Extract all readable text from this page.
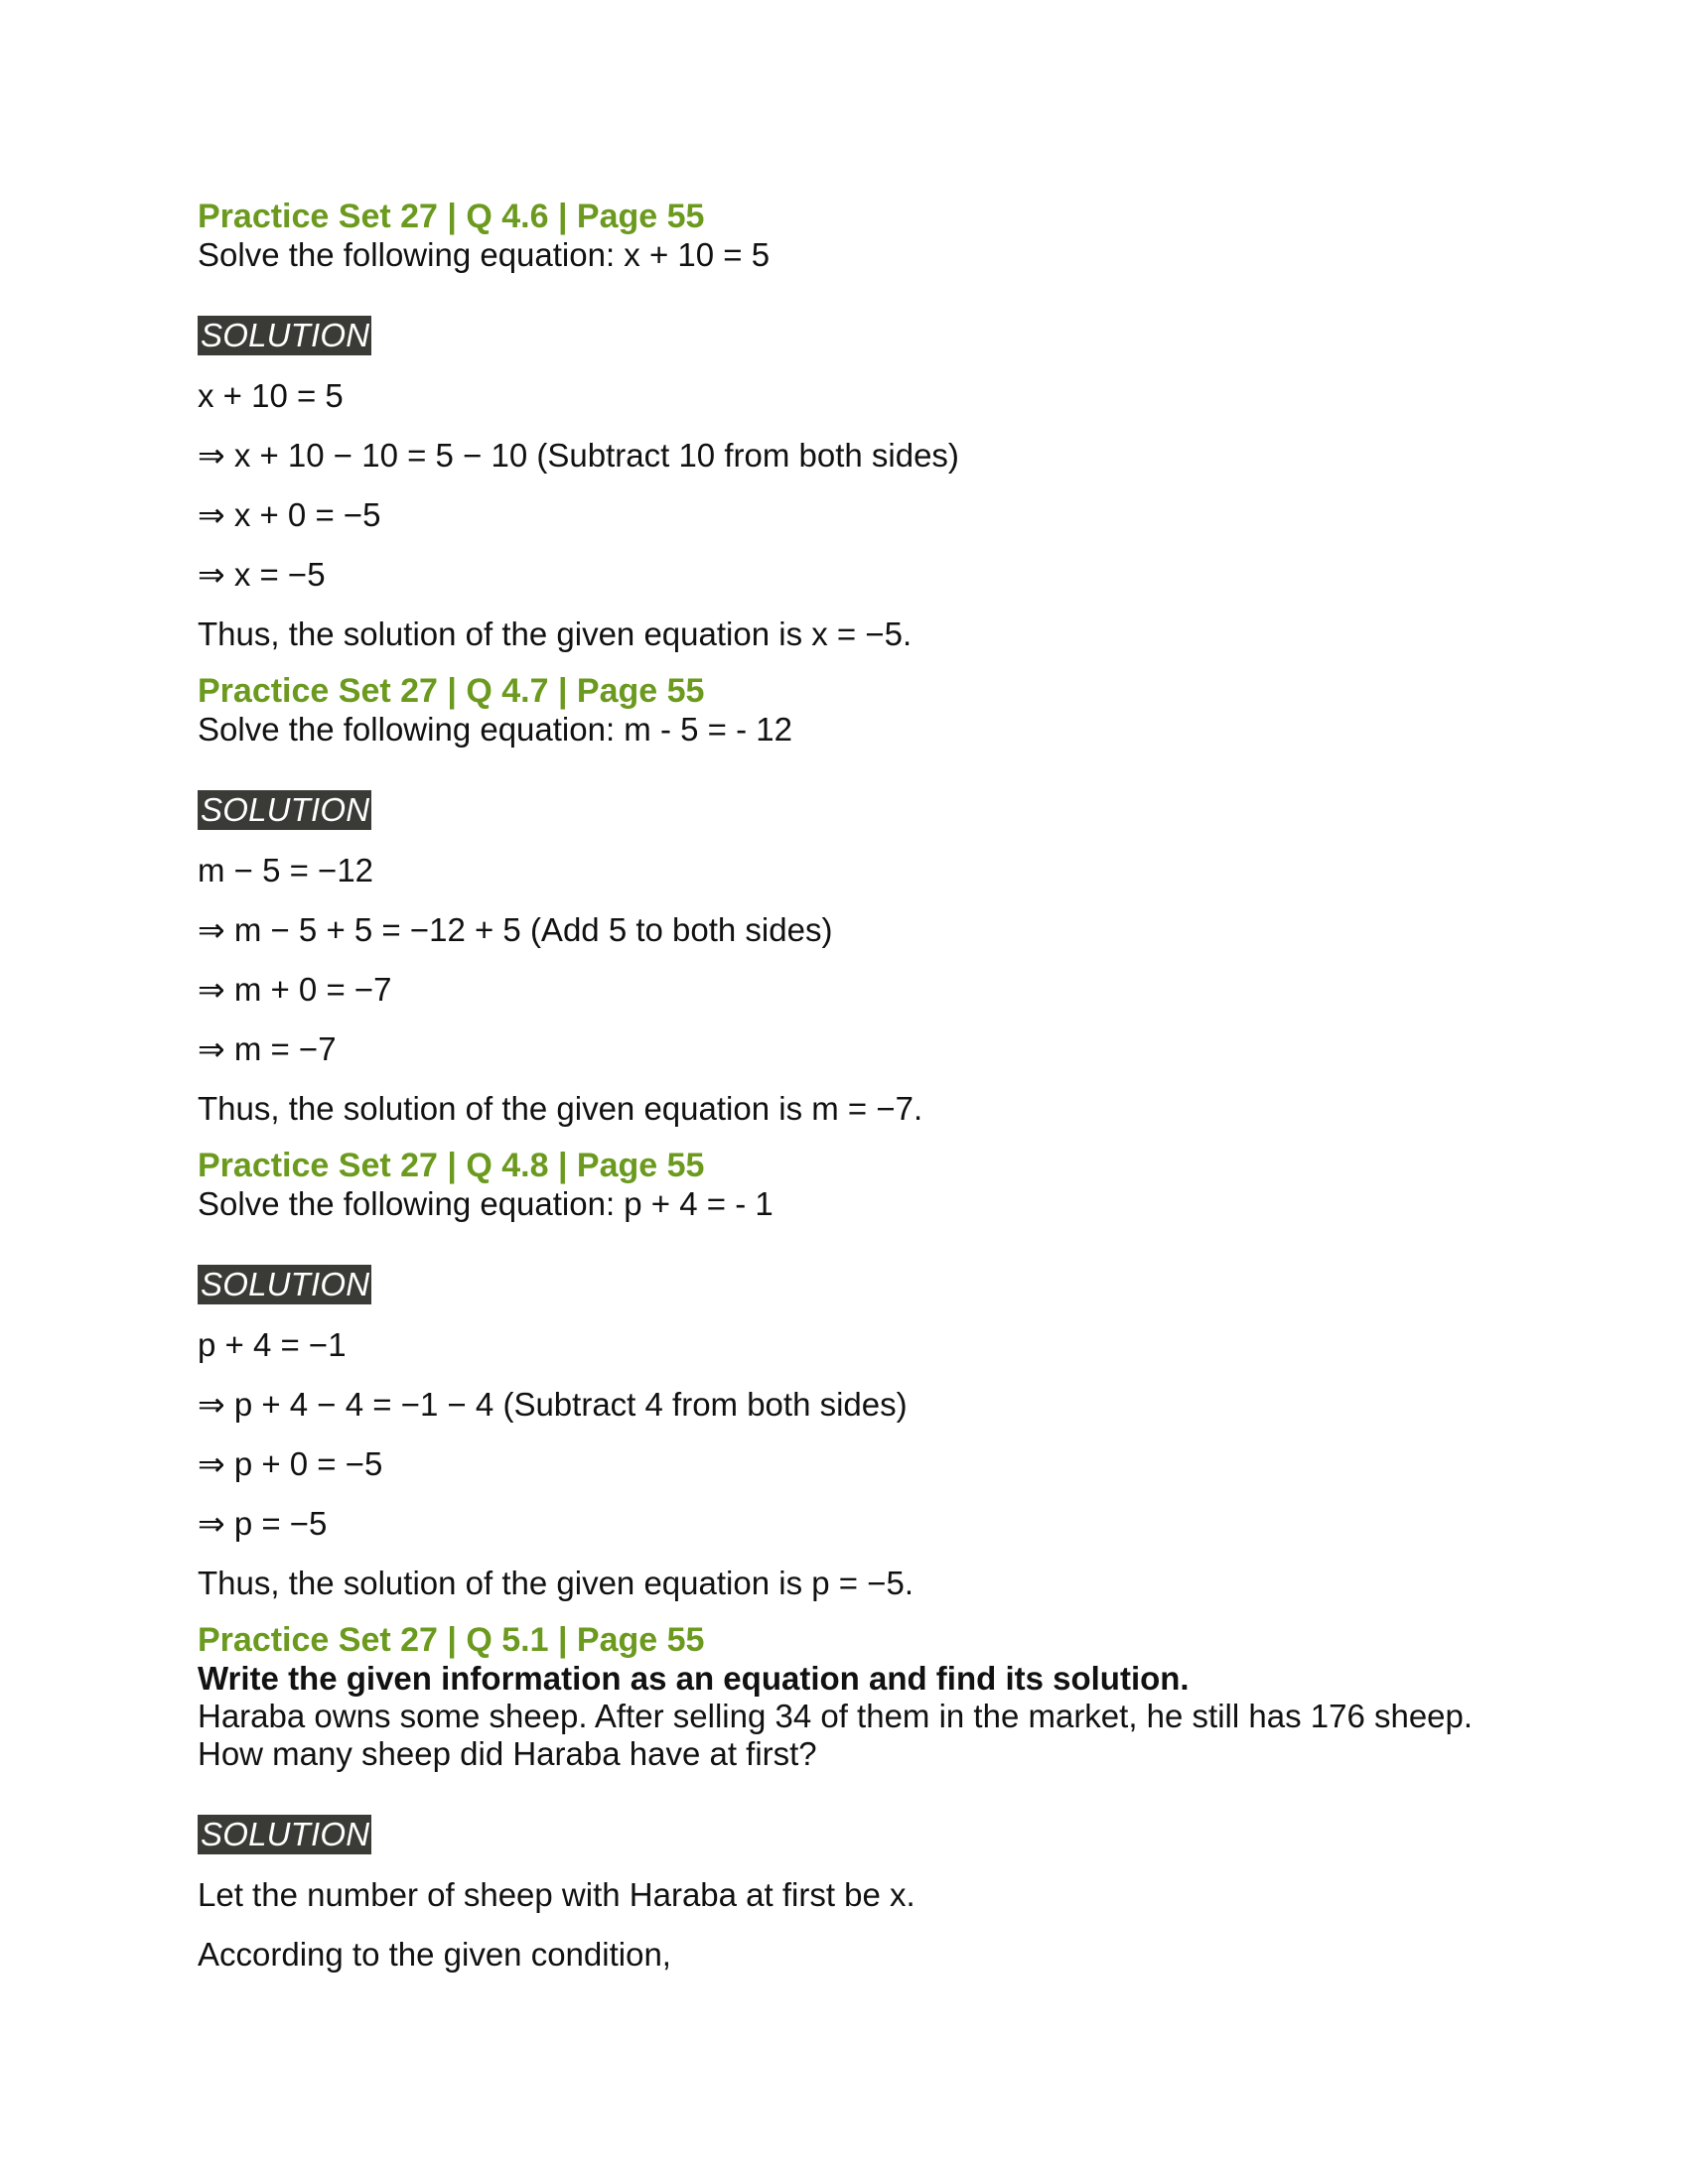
Practice Set 27 | Q 4.6 | Page 55

Solve the following equation: x + 10 = 5

SOLUTION

x + 10 = 5

⇒ x + 10 − 10 = 5 − 10 (Subtract 10 from both sides)

⇒ x + 0 = −5

⇒ x = −5

Thus, the solution of the given equation is x = −5.

Practice Set 27 | Q 4.7 | Page 55

Solve the following equation: m - 5 = - 12

SOLUTION

m − 5 = −12

⇒ m − 5 + 5 = −12 + 5 (Add 5 to both sides)

⇒ m + 0 = −7

⇒ m = −7

Thus, the solution of the given equation is m = −7.

Practice Set 27 | Q 4.8 | Page 55

Solve the following equation: p + 4 = - 1

SOLUTION

p + 4 = −1

⇒ p + 4 − 4 = −1 − 4 (Subtract 4 from both sides)

⇒ p + 0 = −5

⇒ p = −5

Thus, the solution of the given equation is p = −5.

Practice Set 27 | Q 5.1 | Page 55

Write the given information as an equation and find its solution.

Haraba owns some sheep. After selling 34 of them in the market, he still has 176 sheep. How many sheep did Haraba have at first?

SOLUTION

Let the number of sheep with Haraba at first be x.

According to the given condition,
